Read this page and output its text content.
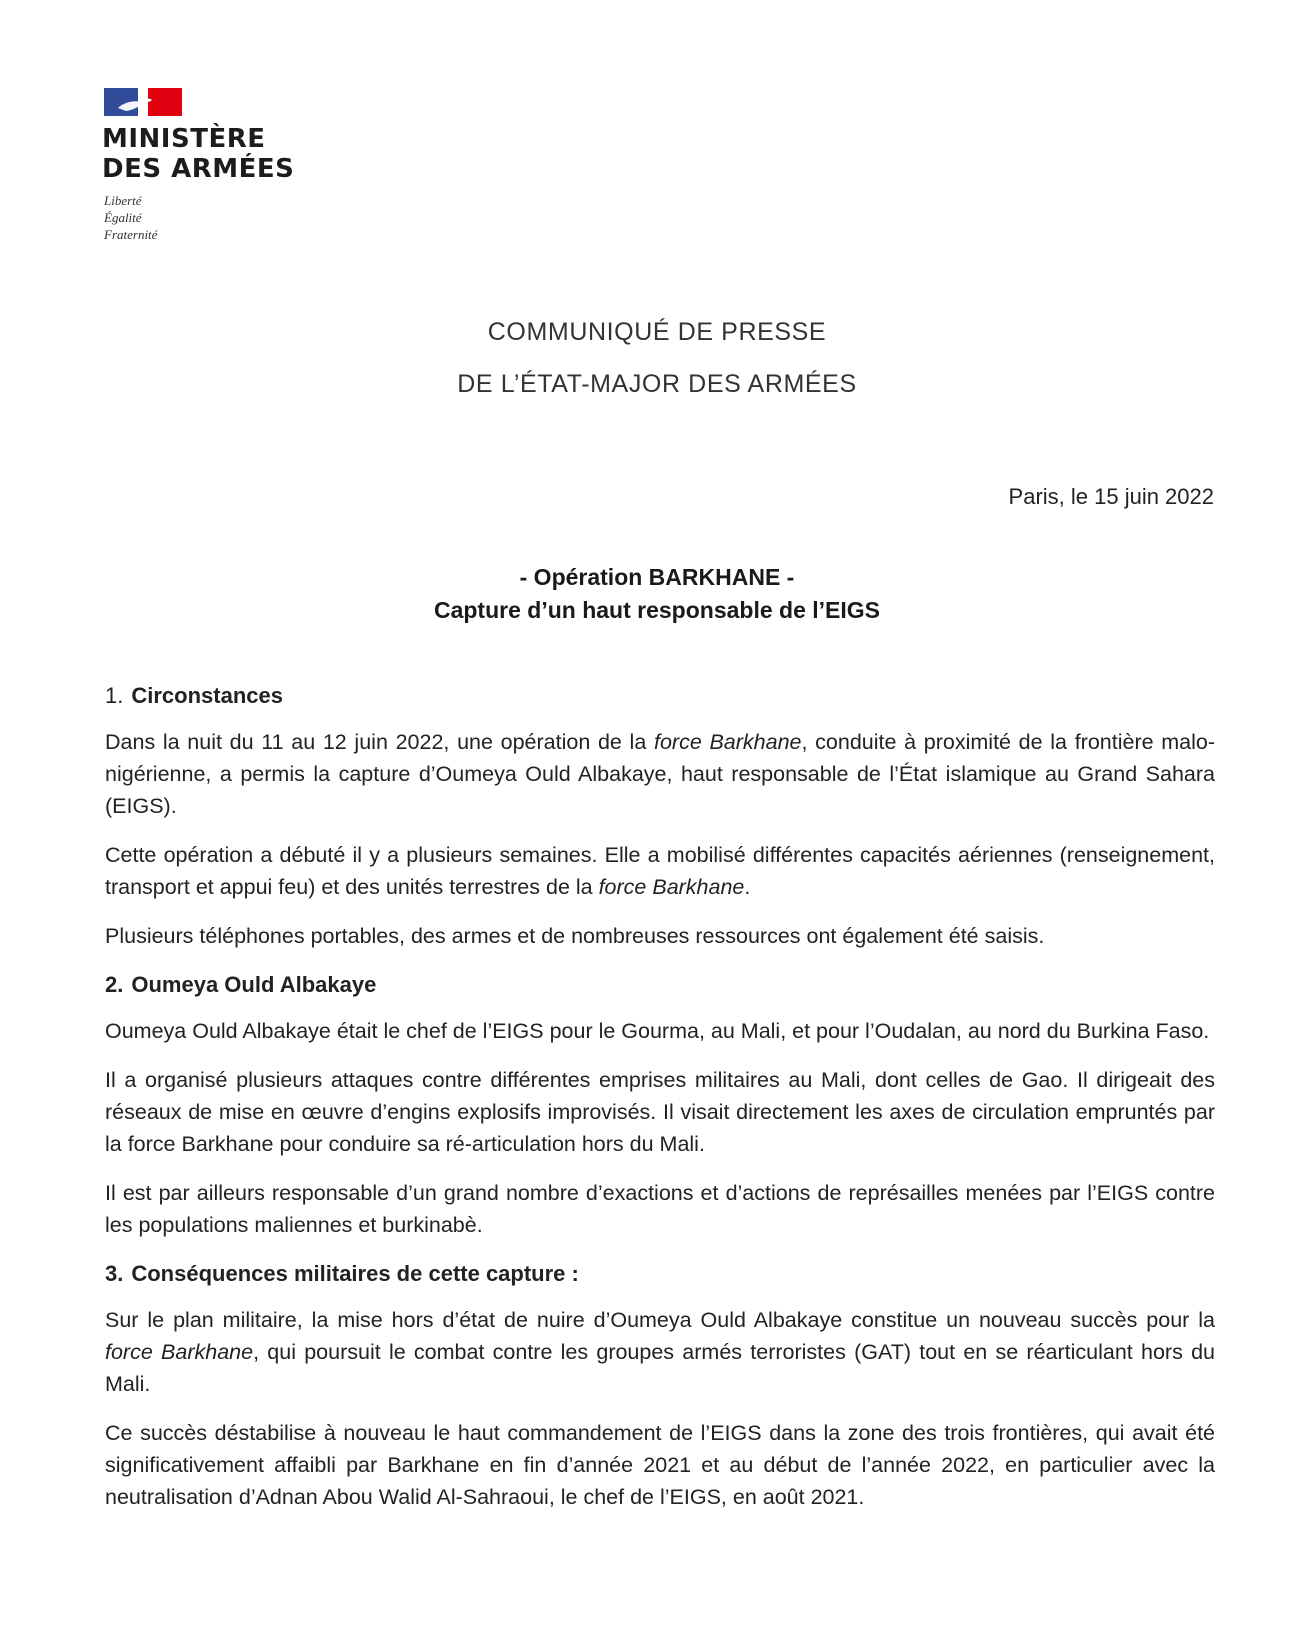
MINISTÈRE
DES ARMÉES
Liberté
Égalité
Fraternité
COMMUNIQUÉ DE PRESSE
DE L’ÉTAT-MAJOR DES ARMÉES
Paris, le 15 juin 2022
- Opération BARKHANE -
Capture d’un haut responsable de l’EIGS
1. Circonstances

Dans la nuit du 11 au 12 juin 2022, une opération de la force Barkhane, conduite à proximité de la frontière malo-nigérienne, a permis la capture d’Oumeya Ould Albakaye, haut responsable de l’État islamique au Grand Sahara (EIGS).

Cette opération a débuté il y a plusieurs semaines. Elle a mobilisé différentes capacités aériennes (renseignement, transport et appui feu) et des unités terrestres de la force Barkhane.

Plusieurs téléphones portables, des armes et de nombreuses ressources ont également été saisis.

2. Oumeya Ould Albakaye

Oumeya Ould Albakaye était le chef de l’EIGS pour le Gourma, au Mali, et pour l’Oudalan, au nord du Burkina Faso.

Il a organisé plusieurs attaques contre différentes emprises militaires au Mali, dont celles de Gao. Il dirigeait des réseaux de mise en œuvre d’engins explosifs improvisés. Il visait directement les axes de circulation empruntés par la force Barkhane pour conduire sa ré-articulation hors du Mali.

Il est par ailleurs responsable d’un grand nombre d’exactions et d’actions de représailles menées par l’EIGS contre les populations maliennes et burkinabè.

3. Conséquences militaires de cette capture :

Sur le plan militaire, la mise hors d’état de nuire d’Oumeya Ould Albakaye constitue un nouveau succès pour la force Barkhane, qui poursuit le combat contre les groupes armés terroristes (GAT) tout en se réarticulant hors du Mali.

Ce succès déstabilise à nouveau le haut commandement de l’EIGS dans la zone des trois frontières, qui avait été significativement affaibli par Barkhane en fin d’année 2021 et au début de l’année 2022, en particulier avec la neutralisation d’Adnan Abou Walid Al-Sahraoui, le chef de l’EIGS, en août 2021.
